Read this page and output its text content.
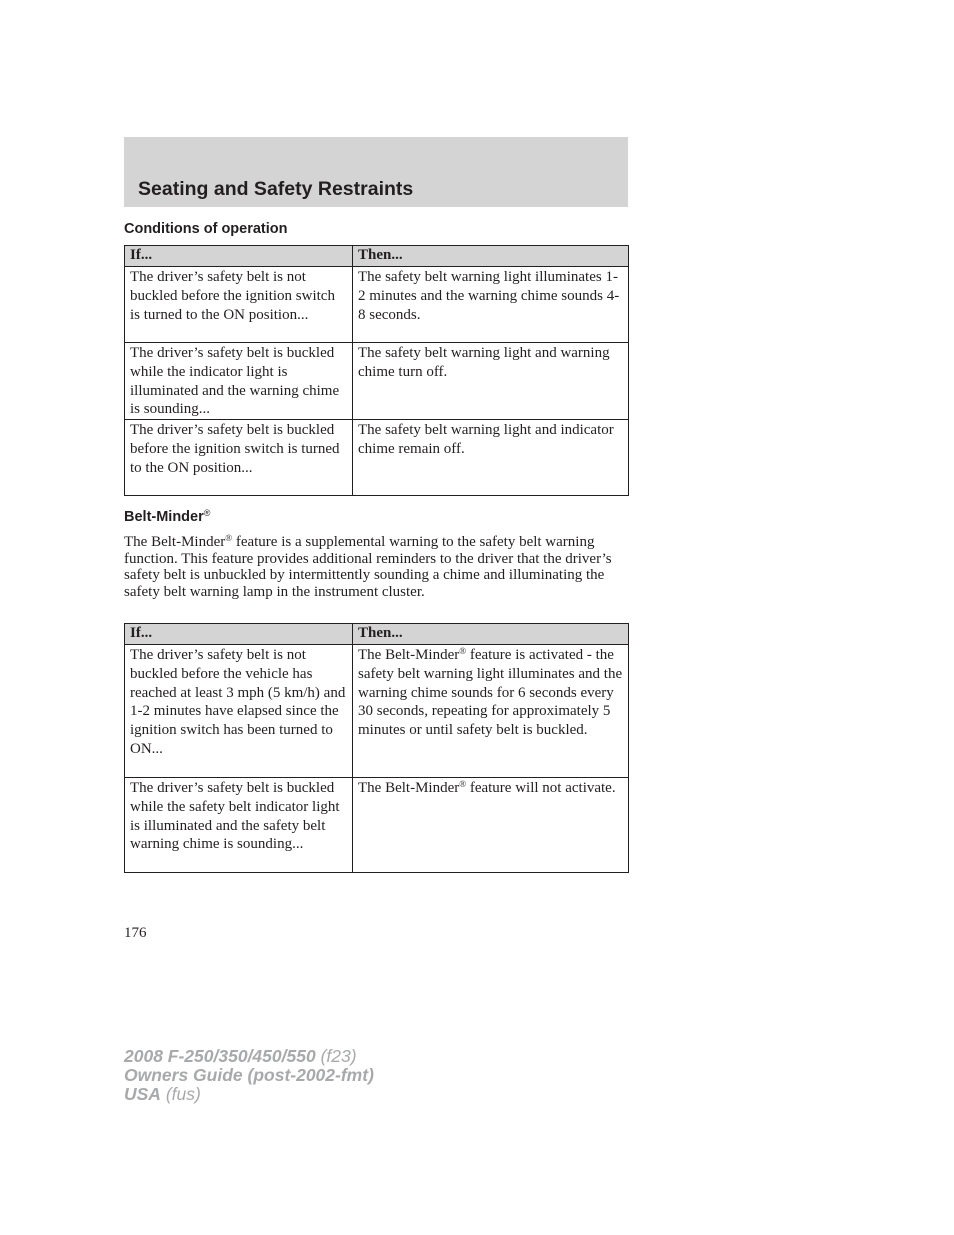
Seating and Safety Restraints
Conditions of operation
If...	Then...
The driver’s safety belt is not buckled before the ignition switch is turned to the ON position...	The safety belt warning light illuminates 1-2 minutes and the warning chime sounds 4-8 seconds.
The driver’s safety belt is buckled while the indicator light is illuminated and the warning chime is sounding...	The safety belt warning light and warning chime turn off.
The driver’s safety belt is buckled before the ignition switch is turned to the ON position...	The safety belt warning light and indicator chime remain off.
Belt-Minder®

The Belt-Minder® feature is a supplemental warning to the safety belt warning function. This feature provides additional reminders to the driver that the driver’s safety belt is unbuckled by intermittently sounding a chime and illuminating the safety belt warning lamp in the instrument cluster.

If...	Then...
The driver’s safety belt is not buckled before the vehicle has reached at least 3 mph (5 km/h) and 1-2 minutes have elapsed since the ignition switch has been turned to ON...	The Belt-Minder® feature is activated - the safety belt warning light illuminates and the warning chime sounds for 6 seconds every 30 seconds, repeating for approximately 5 minutes or until safety belt is buckled.
The driver’s safety belt is buckled while the safety belt indicator light is illuminated and the safety belt warning chime is sounding...	The Belt-Minder® feature will not activate.
176
2008 F-250/350/450/550 (f23)
Owners Guide (post-2002-fmt)
USA (fus)
